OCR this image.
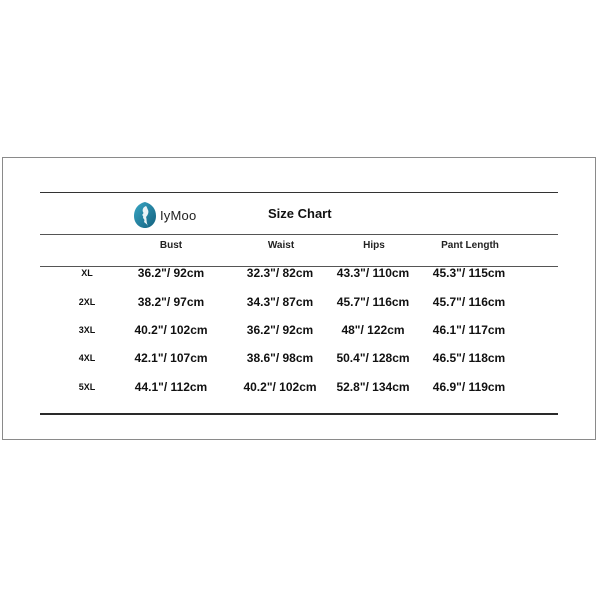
IyMoo	Size Chart
Bust	Waist	Hips	Pant Length
XL	36.2"/ 92cm	32.3"/ 82cm 43.3"/ 110cm 45.3"/ 115cm
2XL	38.2"/ 97cm	34.3"/ 87cm 45.7"/ 116cm 45.7"/ 116cm
3XL	40.2"/ 102cm	36.2"/ 92cm 48"/ 122cm 46.1"/ 117cm
4XL	42.1"/ 107cm	38.6"/ 98cm 50.4"/ 128cm 46.5"/ 118cm
5XL	44.1"/ 112cm	40.2"/ 102cm 52.8"/ 134cm 46.9"/ 119cm
